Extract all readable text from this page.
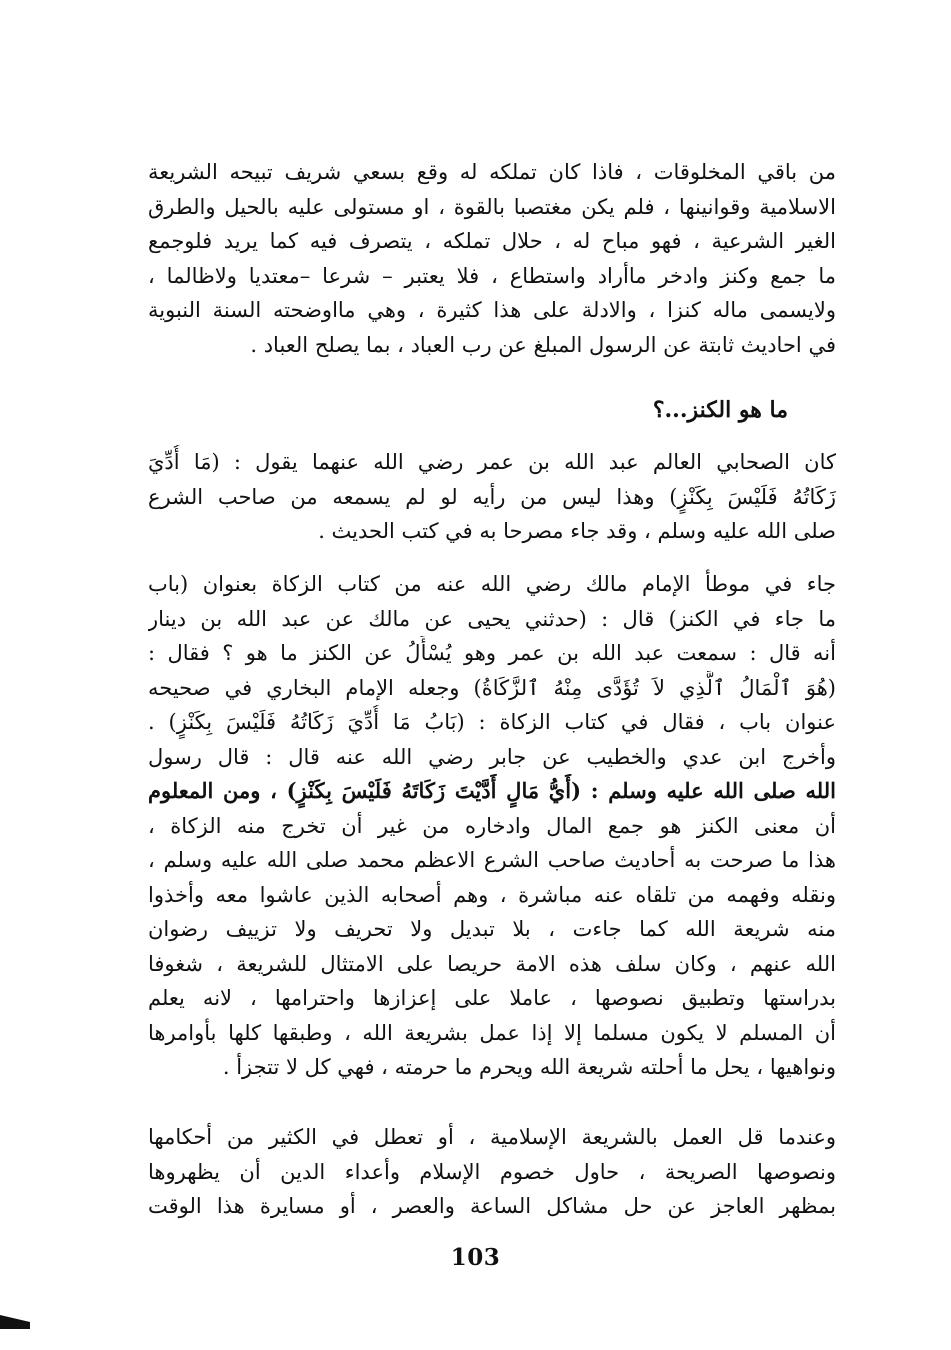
من باقي المخلوقات ، فاذا كان تملكه له وقع بسعي شريف تبيحه الشريعة
الاسلامية وقوانينها ، فلم يكن مغتصبا بالقوة ، او مستولى عليه بالحيل والطرق
الغير الشرعية ، فهو مباح له ، حلال تملكه ، يتصرف فيه كما يريد فلوجمع
ما جمع وكنز وادخر ماأراد واستطاع ، فلا يعتبر – شرعا –معتديا ولاظالما ،
ولايسمى ماله كنزا ، والادلة على هذا كثيرة ، وهي مااوضحته السنة النبوية
في احاديث ثابتة عن الرسول المبلغ عن رب العباد ، بما يصلح العباد .
ما هو الكنز...؟
كان الصحابي العالم عبد الله بن عمر رضي الله عنهما يقول : (مَا أُدِّيَ
زَكَاتُهُ فَلَيْسَ بِكَنْزٍ) وهذا ليس من رأيه لو لم يسمعه من صاحب الشرع
صلى الله عليه وسلم ، وقد جاء مصرحا به في كتب الحديث .
جاء في موطأ الإمام مالك رضي الله عنه من كتاب الزكاة بعنوان (باب
ما جاء في الكنز) قال : (حدثني يحيى عن مالك عن عبد الله بن دينار
أنه قال : سمعت عبد الله بن عمر وهو يُسْأَلُ عن الكنز ما هو ؟ فقال :
(هُوَ ٱلْمَالُ ٱلَّذِي لاَ تُؤَدَّى مِنْهُ ٱلزَّكَاةُ) وجعله الإمام البخاري في صحيحه
عنوان باب ، فقال في كتاب الزكاة : (بَابُ مَا أُدِّيَ زَكَاتُهُ فَلَيْسَ بِكَنْزٍ) .
وأخرج ابن عدي والخطيب عن جابر رضي الله عنه قال : قال رسول
الله صلى الله عليه وسلم : (أَيُّ مَالٍ أَدَّيْتَ زَكَاتَهُ فَلَيْسَ بِكَنْزٍ) ، ومن المعلوم
أن معنى الكنز هو جمع المال وادخاره من غير أن تخرج منه الزكاة ،
هذا ما صرحت به أحاديث صاحب الشرع الاعظم محمد صلى الله عليه وسلم ،
ونقله وفهمه من تلقاه عنه مباشرة ، وهم أصحابه الذين عاشوا معه وأخذوا
منه شريعة الله كما جاءت ، بلا تبديل ولا تحريف ولا تزييف رضوان
الله عنهم ، وكان سلف هذه الامة حريصا على الامتثال للشريعة ، شغوفا
بدراستها وتطبيق نصوصها ، عاملا على إعزازها واحترامها ، لانه يعلم
أن المسلم لا يكون مسلما إلا إذا عمل بشريعة الله ، وطبقها كلها بأوامرها
ونواهيها ، يحل ما أحلته شريعة الله ويحرم ما حرمته ، فهي كل لا تتجزأ .
وعندما قل العمل بالشريعة الإسلامية ، أو تعطل في الكثير من أحكامها
ونصوصها الصريحة ، حاول خصوم الإسلام وأعداء الدين أن يظهروها
بمظهر العاجز عن حل مشاكل الساعة والعصر ، أو مسايرة هذا الوقت
103
